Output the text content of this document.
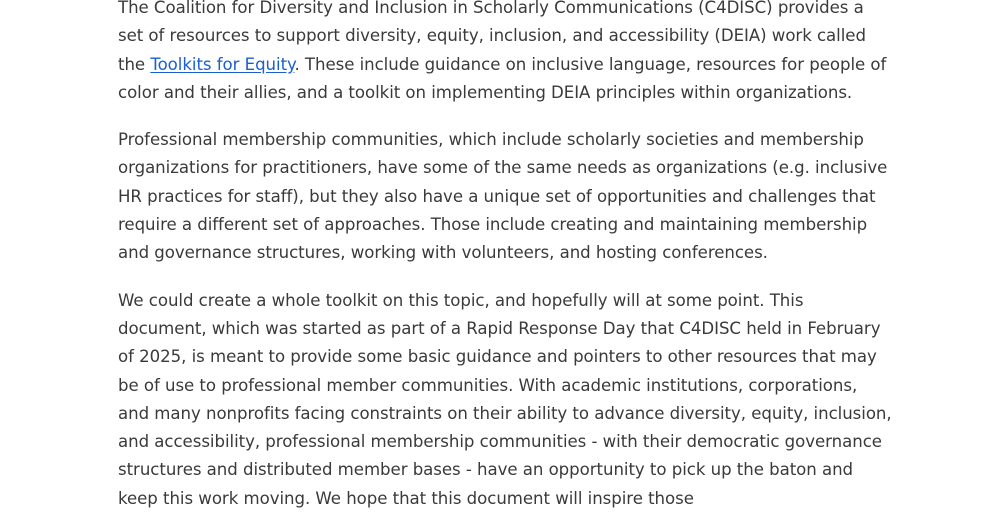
The Coalition for Diversity and Inclusion in Scholarly Communications (C4DISC) provides a set of resources to support diversity, equity, inclusion, and accessibility (DEIA) work called the Toolkits for Equity. These include guidance on inclusive language, resources for people of color and their allies, and a toolkit on implementing DEIA principles within organizations.

Professional membership communities, which include scholarly societies and membership organizations for practitioners, have some of the same needs as organizations (e.g. inclusive HR practices for staff), but they also have a unique set of opportunities and challenges that require a different set of approaches. Those include creating and maintaining membership and governance structures, working with volunteers, and hosting conferences.

We could create a whole toolkit on this topic, and hopefully will at some point. This document, which was started as part of a Rapid Response Day that C4DISC held in February of 2025, is meant to provide some basic guidance and pointers to other resources that may be of use to professional member communities. With academic institutions, corporations, and many nonprofits facing constraints on their ability to advance diversity, equity, inclusion, and accessibility, professional membership communities - with their democratic governance structures and distributed member bases - have an opportunity to pick up the baton and keep this work moving. We hope that this document will inspire those
